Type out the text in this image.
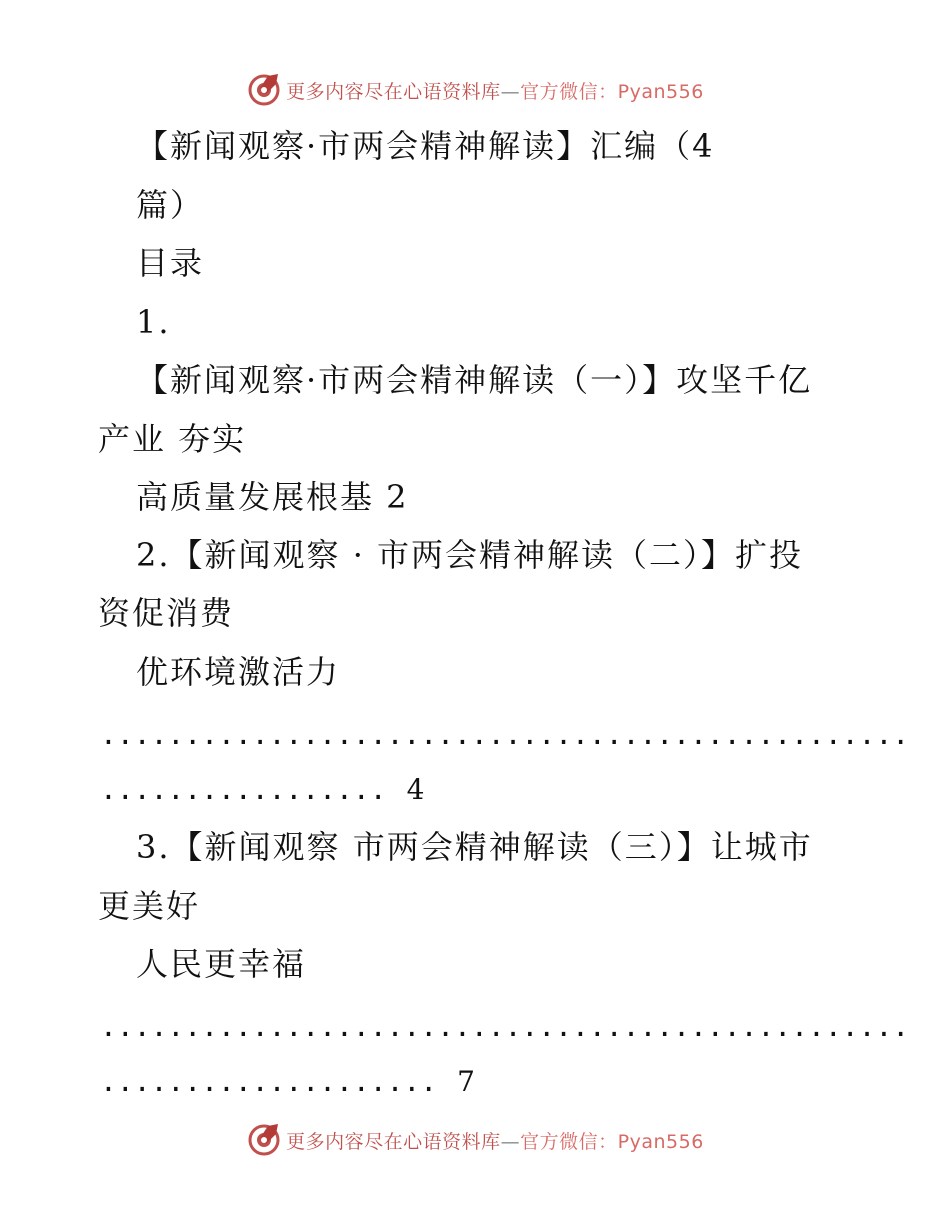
更多内容尽在心语资料库—官方微信：Pyan556
【新闻观察·市两会精神解读】汇编（4
篇）
目录
1.
【新闻观察·市两会精神解读（一）】攻坚千亿
产业 夯实
高质量发展根基 2
2.【新闻观察 · 市两会精神解读（二）】扩投
资促消费
优环境激活力
................................................
................. 4
3.【新闻观察 市两会精神解读（三）】让城市
更美好
人民更幸福
................................................
.................... 7
更多内容尽在心语资料库—官方微信：Pyan556
